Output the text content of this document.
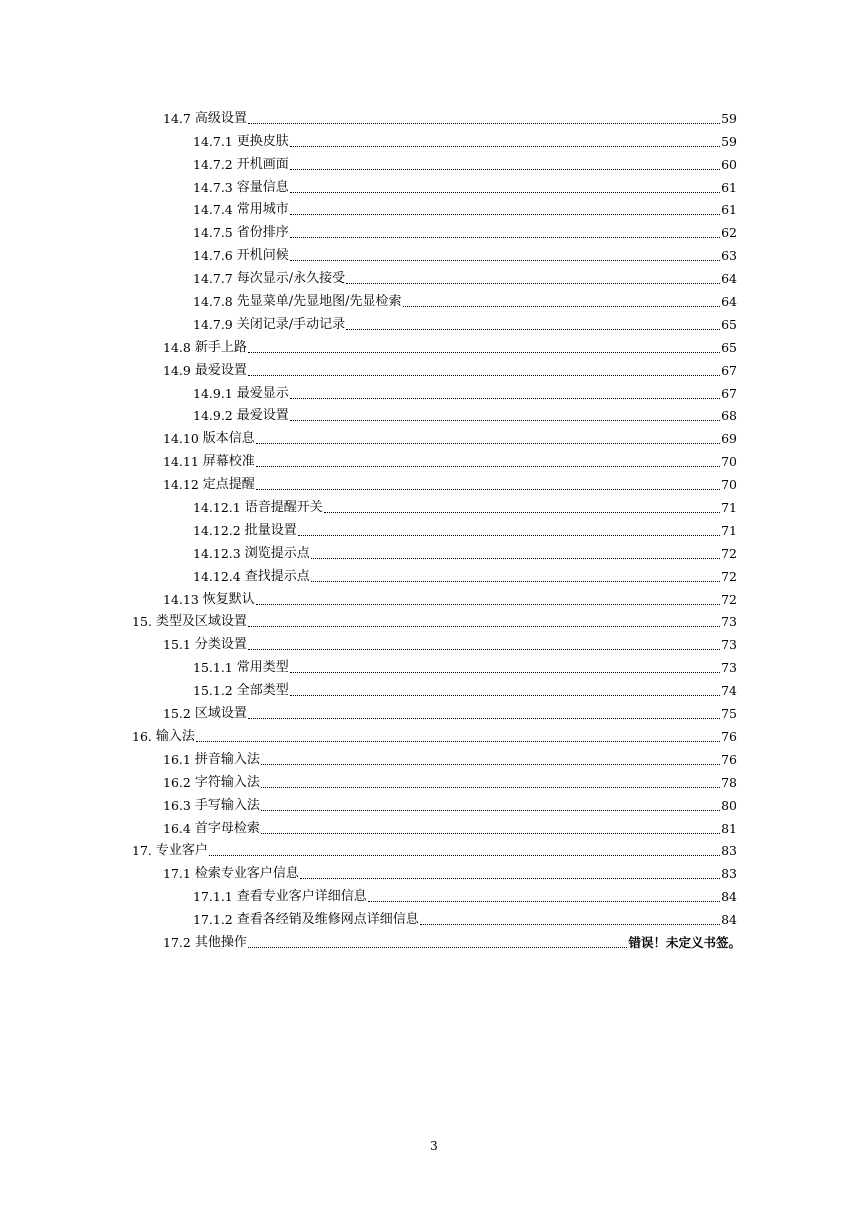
14.7 高级设置	59
14.7.1 更换皮肤	59
14.7.2 开机画面	60
14.7.3 容量信息	61
14.7.4 常用城市	61
14.7.5 省份排序	62
14.7.6 开机问候	63
14.7.7 每次显示/永久接受	64
14.7.8 先显菜单/先显地图/先显检索	64
14.7.9 关闭记录/手动记录	65
14.8 新手上路	65
14.9 最爱设置	67
14.9.1 最爱显示	67
14.9.2 最爱设置	68
14.10 版本信息	69
14.11 屏幕校准	70
14.12 定点提醒	70
14.12.1 语音提醒开关	71
14.12.2 批量设置	71
14.12.3 浏览提示点	72
14.12.4 查找提示点	72
14.13 恢复默认	72
15. 类型及区域设置	73
15.1 分类设置	73
15.1.1 常用类型	73
15.1.2 全部类型	74
15.2 区域设置	75
16. 输入法	76
16.1 拼音输入法	76
16.2 字符输入法	78
16.3 手写输入法	80
16.4 首字母检索	81
17. 专业客户	83
17.1 检索专业客户信息	83
17.1.1 查看专业客户详细信息	84
17.1.2 查看各经销及维修网点详细信息	84
17.2 其他操作	错误！未定义书签。
3
